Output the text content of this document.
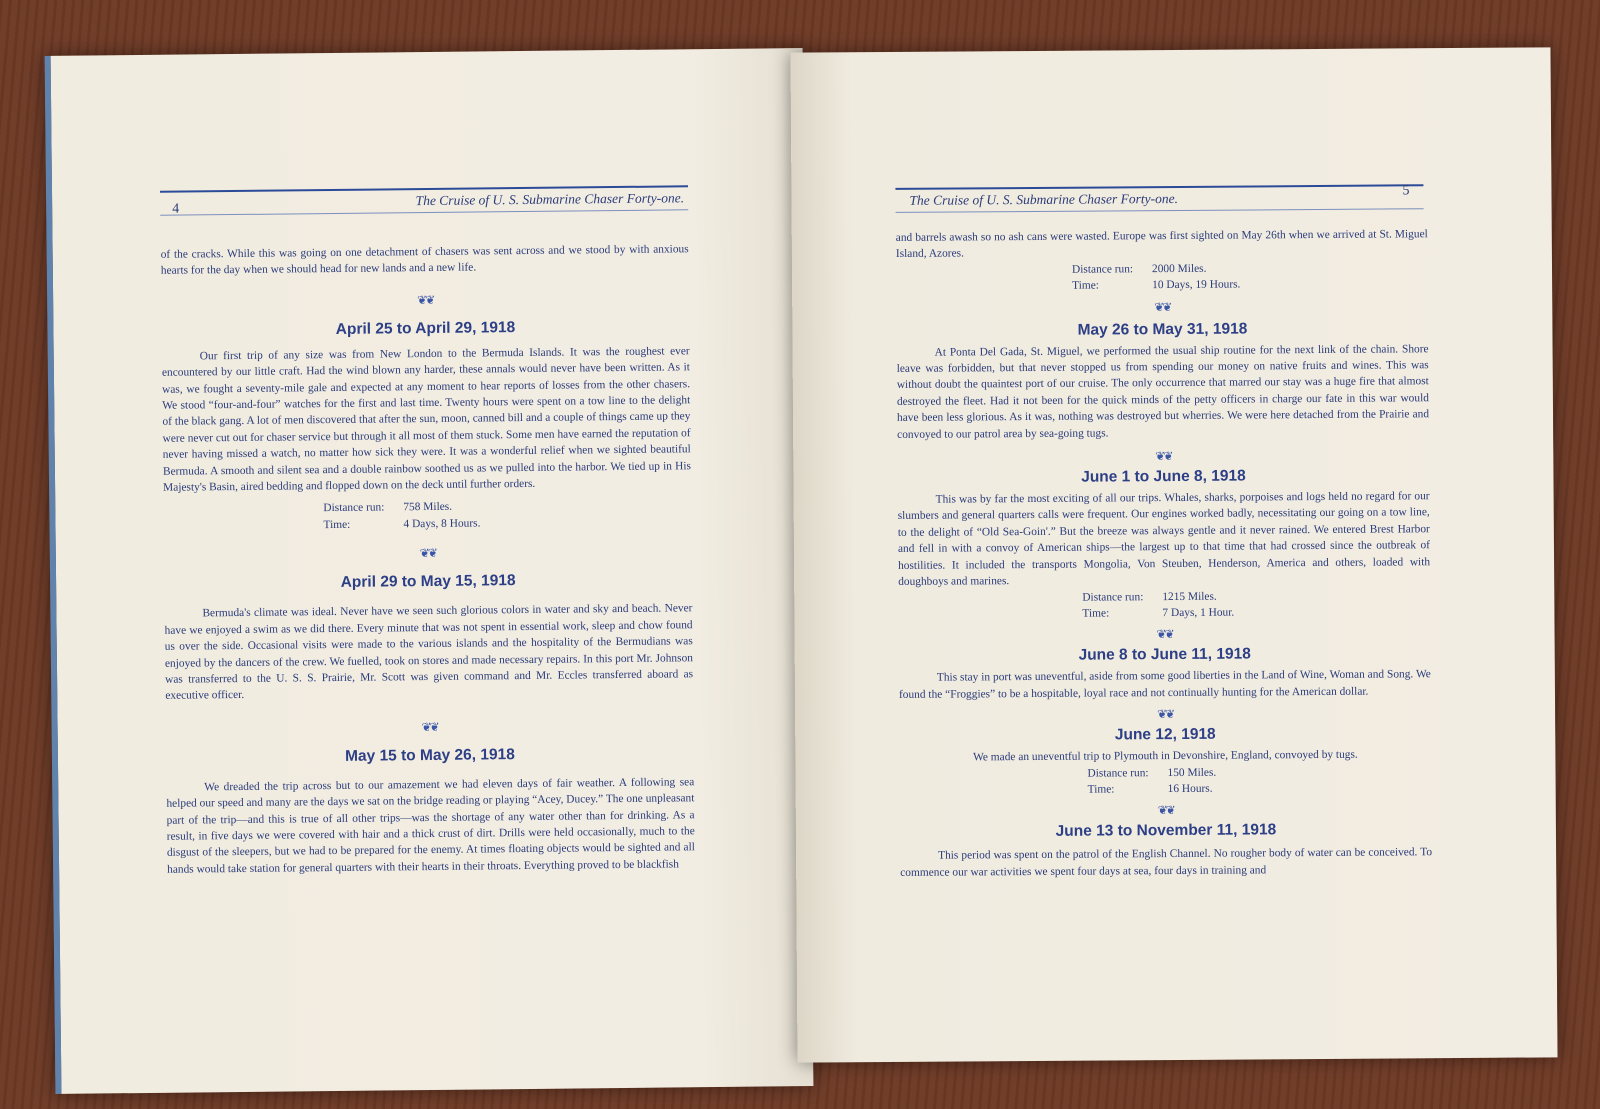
4
The Cruise of U. S. Submarine Chaser Forty-one.

of the cracks. While this was going on one detachment of chasers was sent across and we stood by with anxious hearts for the day when we should head for new lands and a new life.

❦❦
April 25 to April 29, 1918

Our first trip of any size was from New London to the Bermuda Islands. It was the roughest ever encountered by our little craft. Had the wind blown any harder, these annals would never have been written. As it was, we fought a seventy-mile gale and expected at any moment to hear reports of losses from the other chasers. We stood “four-and-four” watches for the first and last time. Twenty hours were spent on a tow line to the delight of the black gang. A lot of men discovered that after the sun, moon, canned bill and a couple of things came up they were never cut out for chaser service but through it all most of them stuck. Some men have earned the reputation of never having missed a watch, no matter how sick they were. It was a wonderful relief when we sighted beautiful Bermuda. A smooth and silent sea and a double rainbow soothed us as we pulled into the harbor. We tied up in His Majesty's Basin, aired bedding and flopped down on the deck until further orders.

Distance run:	758 Miles.
Time:	4 Days, 8 Hours.
❦❦
April 29 to May 15, 1918

Bermuda's climate was ideal. Never have we seen such glorious colors in water and sky and beach. Never have we enjoyed a swim as we did there. Every minute that was not spent in essential work, sleep and chow found us over the side. Occasional visits were made to the various islands and the hospitality of the Bermudians was enjoyed by the dancers of the crew. We fuelled, took on stores and made necessary repairs. In this port Mr. Johnson was transferred to the U. S. S. Prairie, Mr. Scott was given command and Mr. Eccles transferred aboard as executive officer.

❦❦
May 15 to May 26, 1918

We dreaded the trip across but to our amazement we had eleven days of fair weather. A following sea helped our speed and many are the days we sat on the bridge reading or playing “Acey, Ducey.” The one unpleasant part of the trip—and this is true of all other trips—was the shortage of any water other than for drinking. As a result, in five days we were covered with hair and a thick crust of dirt. Drills were held occasionally, much to the disgust of the sleepers, but we had to be prepared for the enemy. At times floating objects would be sighted and all hands would take station for general quarters with their hearts in their throats. Everything proved to be blackfish

The Cruise of U. S. Submarine Chaser Forty-one.
5

and barrels awash so no ash cans were wasted. Europe was first sighted on May 26th when we arrived at St. Miguel Island, Azores.

Distance run:	2000 Miles.
Time:	10 Days, 19 Hours.
❦❦
May 26 to May 31, 1918

At Ponta Del Gada, St. Miguel, we performed the usual ship routine for the next link of the chain. Shore leave was forbidden, but that never stopped us from spending our money on native fruits and wines. This was without doubt the quaintest port of our cruise. The only occurrence that marred our stay was a huge fire that almost destroyed the fleet. Had it not been for the quick minds of the petty officers in charge our fate in this war would have been less glorious. As it was, nothing was destroyed but wherries. We were here detached from the Prairie and convoyed to our patrol area by sea-going tugs.

❦❦
June 1 to June 8, 1918

This was by far the most exciting of all our trips. Whales, sharks, porpoises and logs held no regard for our slumbers and general quarters calls were frequent. Our engines worked badly, necessitating our going on a tow line, to the delight of “Old Sea-Goin'.” But the breeze was always gentle and it never rained. We entered Brest Harbor and fell in with a convoy of American ships—the largest up to that time that had crossed since the outbreak of hostilities. It included the transports Mongolia, Von Steuben, Henderson, America and others, loaded with doughboys and marines.

Distance run:	1215 Miles.
Time:	7 Days, 1 Hour.
❦❦
June 8 to June 11, 1918

This stay in port was uneventful, aside from some good liberties in the Land of Wine, Woman and Song. We found the “Froggies” to be a hospitable, loyal race and not continually hunting for the American dollar.

❦❦
June 12, 1918
We made an uneventful trip to Plymouth in Devonshire, England, convoyed by tugs.
Distance run:	150 Miles.
Time:	16 Hours.
❦❦
June 13 to November 11, 1918

This period was spent on the patrol of the English Channel. No rougher body of water can be conceived. To commence our war activities we spent four days at sea, four days in training and
